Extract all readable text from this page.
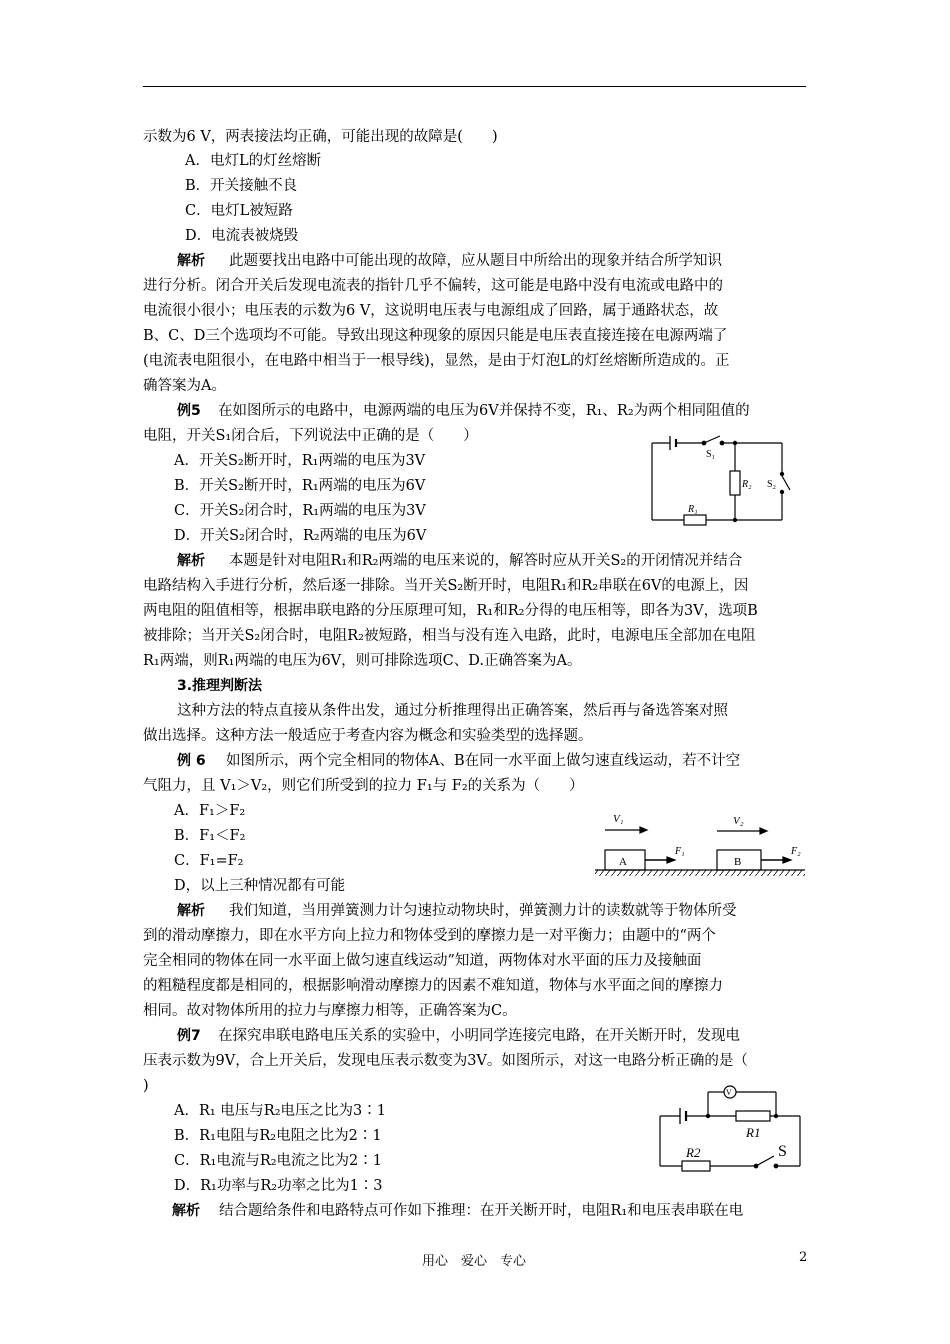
示数为6 V，两表接法均正确，可能出现的故障是(　　)
A．电灯L的灯丝熔断
B．开关接触不良
C．电灯L被短路
D．电流表被烧毁
解析 此题要找出电路中可能出现的故障，应从题目中所给出的现象并结合所学知识
进行分析。闭合开关后发现电流表的指针几乎不偏转，这可能是电路中没有电流或电路中的
电流很小很小；电压表的示数为6 V，这说明电压表与电源组成了回路，属于通路状态，故
B、C、D三个选项均不可能。导致出现这种现象的原因只能是电压表直接连接在电源两端了
(电流表电阻很小，在电路中相当于一根导线)，显然，是由于灯泡L的灯丝熔断所造成的。正
确答案为A。
例5 在如图所示的电路中，电源两端的电压为6V并保持不变，R₁、R₂为两个相同阻值的
电阻，开关S₁闭合后，下列说法中正确的是（　　）
A．开关S₂断开时，R₁两端的电压为3V
B．开关S₂断开时，R₁两端的电压为6V
C．开关S₂闭合时，R₁两端的电压为3V
D．开关S₂闭合时，R₂两端的电压为6V
S₁
R₂ S₂
R₁
解析 本题是针对电阻R₁和R₂两端的电压来说的，解答时应从开关S₂的开闭情况并结合
电路结构入手进行分析，然后逐一排除。当开关S₂断开时，电阻R₁和R₂串联在6V的电源上，因
两电阻的阻值相等，根据串联电路的分压原理可知，R₁和R₂分得的电压相等，即各为3V，选项B
被排除；当开关S₂闭合时，电阻R₂被短路，相当与没有连入电路，此时，电源电压全部加在电阻
R₁两端，则R₁两端的电压为6V，则可排除选项C、D.正确答案为A。
3.推理判断法
这种方法的特点直接从条件出发，通过分析推理得出正确答案，然后再与备选答案对照
做出选择。这种方法一般适应于考查内容为概念和实验类型的选择题。
例 6 如图所示，两个完全相同的物体A、B在同一水平面上做匀速直线运动，若不计空
气阻力，且 V₁＞V₂，则它们所受到的拉力 F₁与 F₂的关系为（　　）
A．F₁＞F₂
B．F₁＜F₂
C．F₁=F₂
D，以上三种情况都有可能
V₁	V₂
A	B
F₁	F₂
解析 我们知道，当用弹簧测力计匀速拉动物块时，弹簧测力计的读数就等于物体所受
到的滑动摩擦力，即在水平方向上拉力和物体受到的摩擦力是一对平衡力；由题中的“两个
完全相同的物体在同一水平面上做匀速直线运动”知道，两物体对水平面的压力及接触面
的粗糙程度都是相同的，根据影响滑动摩擦力的因素不难知道，物体与水平面之间的摩擦力
相同。故对物体所用的拉力与摩擦力相等，正确答案为C。
例7 在探究串联电路电压关系的实验中，小明同学连接完电路，在开关断开时，发现电
压表示数为9V，合上开关后，发现电压表示数变为3V。如图所示，对这一电路分析正确的是（
)
A．R₁ 电压与R₂电压之比为3∶1
B．R₁电阻与R₂电阻之比为2∶1
C．R₁电流与R₂电流之比为2∶1
D．R₁功率与R₂功率之比为1∶3
V
R1
R2	S
解析 结合题给条件和电路特点可作如下推理：在开关断开时，电阻R₁和电压表串联在电
用心　爱心　专心	2
